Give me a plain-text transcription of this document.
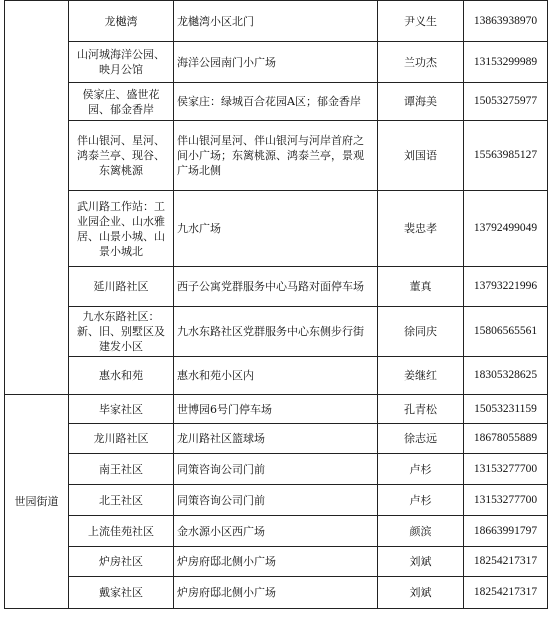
	龙樾湾	龙樾湾小区北门	尹义生	13863938970
	山河城海洋公园、映月公馆	海洋公园南门小广场	兰功杰	13153299989
	侯家庄、盛世花园、郁金香岸	侯家庄：绿城百合花园A区；郁金香岸	谭海美	15053275977
	伴山银河、星河、鸿泰兰亭、现谷、东篱桃源	伴山银河星河、伴山银河与河岸首府之间小广场；东篱桃源、鸿泰兰亭，景观广场北侧	刘国语	15563985127
	武川路工作站：工业园企业、山水雅居、山景小城、山景小城北	九水广场	裴忠孝	13792499049
	延川路社区	西子公寓党群服务中心马路对面停车场	董真	13793221996
	九水东路社区：新、旧、别墅区及建发小区	九水东路社区党群服务中心东侧步行街	徐同庆	15806565561
	惠水和苑	惠水和苑小区内	姜继红	18305328625
世园街道	毕家社区	世博园6号门停车场	孔青松	15053231159
	龙川路社区	龙川路社区篮球场	徐志远	18678055889
	南王社区	同策咨询公司门前	卢杉	13153277700
	北王社区	同策咨询公司门前	卢杉	13153277700
	上流佳苑社区	金水源小区西广场	颜滨	18663991797
	炉房社区	炉房府邸北侧小广场	刘斌	18254217317
	戴家社区	炉房府邸北侧小广场	刘斌	18254217317
